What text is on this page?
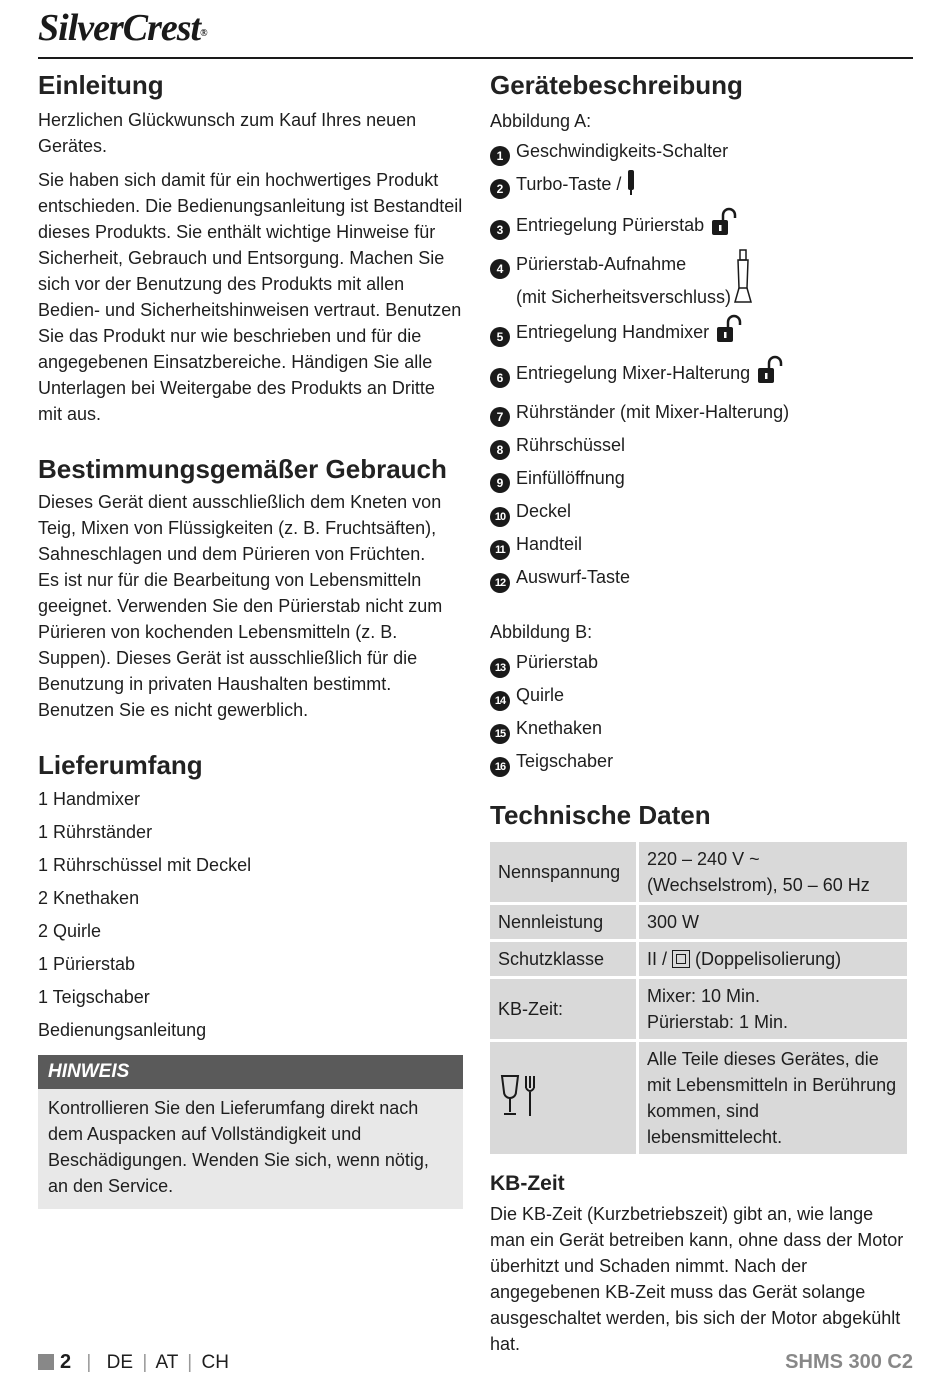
SilverCrest®
Einleitung

Herzlichen Glückwunsch zum Kauf Ihres neuen Gerätes.

Sie haben sich damit für ein hochwertiges Produkt entschieden. Die Bedienungsanleitung ist Bestandteil dieses Produkts. Sie enthält wichtige Hinweise für Sicherheit, Gebrauch und Entsorgung. Machen Sie sich vor der Benutzung des Produkts mit allen Bedien- und Sicherheitshinweisen vertraut. Benutzen Sie das Produkt nur wie beschrieben und für die angegebenen Einsatzbereiche. Händigen Sie alle Unterlagen bei Weitergabe des Produkts an Dritte mit aus.

Bestimmungsgemäßer Gebrauch

Dieses Gerät dient ausschließlich dem Kneten von Teig, Mixen von Flüssigkeiten (z. B. Fruchtsäften), Sahneschlagen und dem Pürieren von Früchten.

Es ist nur für die Bearbeitung von Lebensmitteln geeignet. Verwenden Sie den Pürierstab nicht zum Pürieren von kochenden Lebensmitteln (z. B. Suppen). Dieses Gerät ist ausschließlich für die Benutzung in privaten Haushalten bestimmt. Benutzen Sie es nicht gewerblich.

Lieferumfang

1 Handmixer

1 Rührständer

1 Rührschüssel mit Deckel

2 Knethaken

2 Quirle

1 Pürierstab

1 Teigschaber

Bedienungsanleitung

HINWEIS

Kontrollieren Sie den Lieferumfang direkt nach dem Auspacken auf Vollständigkeit und Beschädigungen. Wenden Sie sich, wenn nötig, an den Service.

Gerätebeschreibung

Abbildung A:

1 Geschwindigkeits-Schalter

2 Turbo-Taste /

3 Entriegelung Pürierstab

4 Pürierstab-Aufnahme
(mit Sicherheitsverschluss)

5 Entriegelung Handmixer

6 Entriegelung Mixer-Halterung

7 Rührständer (mit Mixer-Halterung)

8 Rührschüssel

9 Einfüllöffnung

10 Deckel

11 Handteil

12 Auswurf-Taste

Abbildung B:

13 Pürierstab

14 Quirle

15 Knethaken

16 Teigschaber

Technische Daten
Nennspannung	220 – 240 V ~
(Wechselstrom), 50 – 60 Hz
Nennleistung	300 W
Schutzklasse	II / (Doppelisolierung)
KB-Zeit:	Mixer: 10 Min.
Pürierstab: 1 Min.
	Alle Teile dieses Gerätes, die mit Lebensmitteln in Berührung kommen, sind lebensmittelecht.
KB-Zeit

Die KB-Zeit (Kurzbetriebszeit) gibt an, wie lange man ein Gerät betreiben kann, ohne dass der Motor überhitzt und Schaden nimmt. Nach der angegebenen KB-Zeit muss das Gerät solange ausgeschaltet werden, bis sich der Motor abgekühlt hat.

2 | DE | AT | CH	SHMS 300 C2
